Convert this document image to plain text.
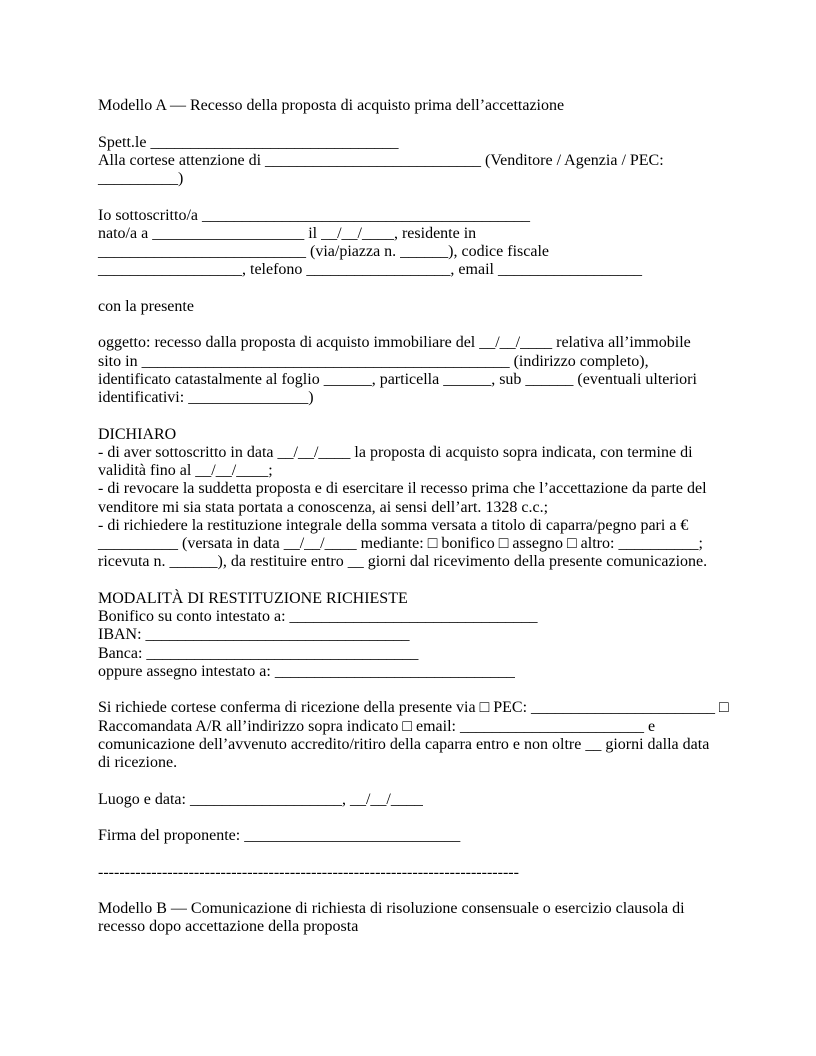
Modello A — Recesso della proposta di acquisto prima dell’accettazione

Spett.le _______________________________
Alla cortese attenzione di ___________________________ (Venditore / Agenzia / PEC:
__________)

Io sottoscritto/a _________________________________________
nato/a a ___________________ il __/__/____, residente in
__________________________ (via/piazza n. ______), codice fiscale
__________________, telefono __________________, email __________________

con la presente

oggetto: recesso dalla proposta di acquisto immobiliare del __/__/____ relativa all’immobile
sito in ______________________________________________ (indirizzo completo),
identificato catastalmente al foglio ______, particella ______, sub ______ (eventuali ulteriori
identificativi: _______________)

DICHIARO
- di aver sottoscritto in data __/__/____ la proposta di acquisto sopra indicata, con termine di
validità fino al __/__/____;
- di revocare la suddetta proposta e di esercitare il recesso prima che l’accettazione da parte del
venditore mi sia stata portata a conoscenza, ai sensi dell’art. 1328 c.c.;
- di richiedere la restituzione integrale della somma versata a titolo di caparra/pegno pari a €
__________ (versata in data __/__/____ mediante: □ bonifico □ assegno □ altro: __________;
ricevuta n. ______), da restituire entro __ giorni dal ricevimento della presente comunicazione.

MODALITÀ DI RESTITUZIONE RICHIESTE
Bonifico su conto intestato a: _______________________________
IBAN: _________________________________
Banca: __________________________________
oppure assegno intestato a: ______________________________

Si richiede cortese conferma di ricezione della presente via □ PEC: _______________________ □
Raccomandata A/R all’indirizzo sopra indicato □ email: _______________________ e
comunicazione dell’avvenuto accredito/ritiro della caparra entro e non oltre __ giorni dalla data
di ricezione.

Luogo e data: ___________________, __/__/____

Firma del proponente: ___________________________

-------------------------------------------------------------------------------

Modello B — Comunicazione di richiesta di risoluzione consensuale o esercizio clausola di
recesso dopo accettazione della proposta
